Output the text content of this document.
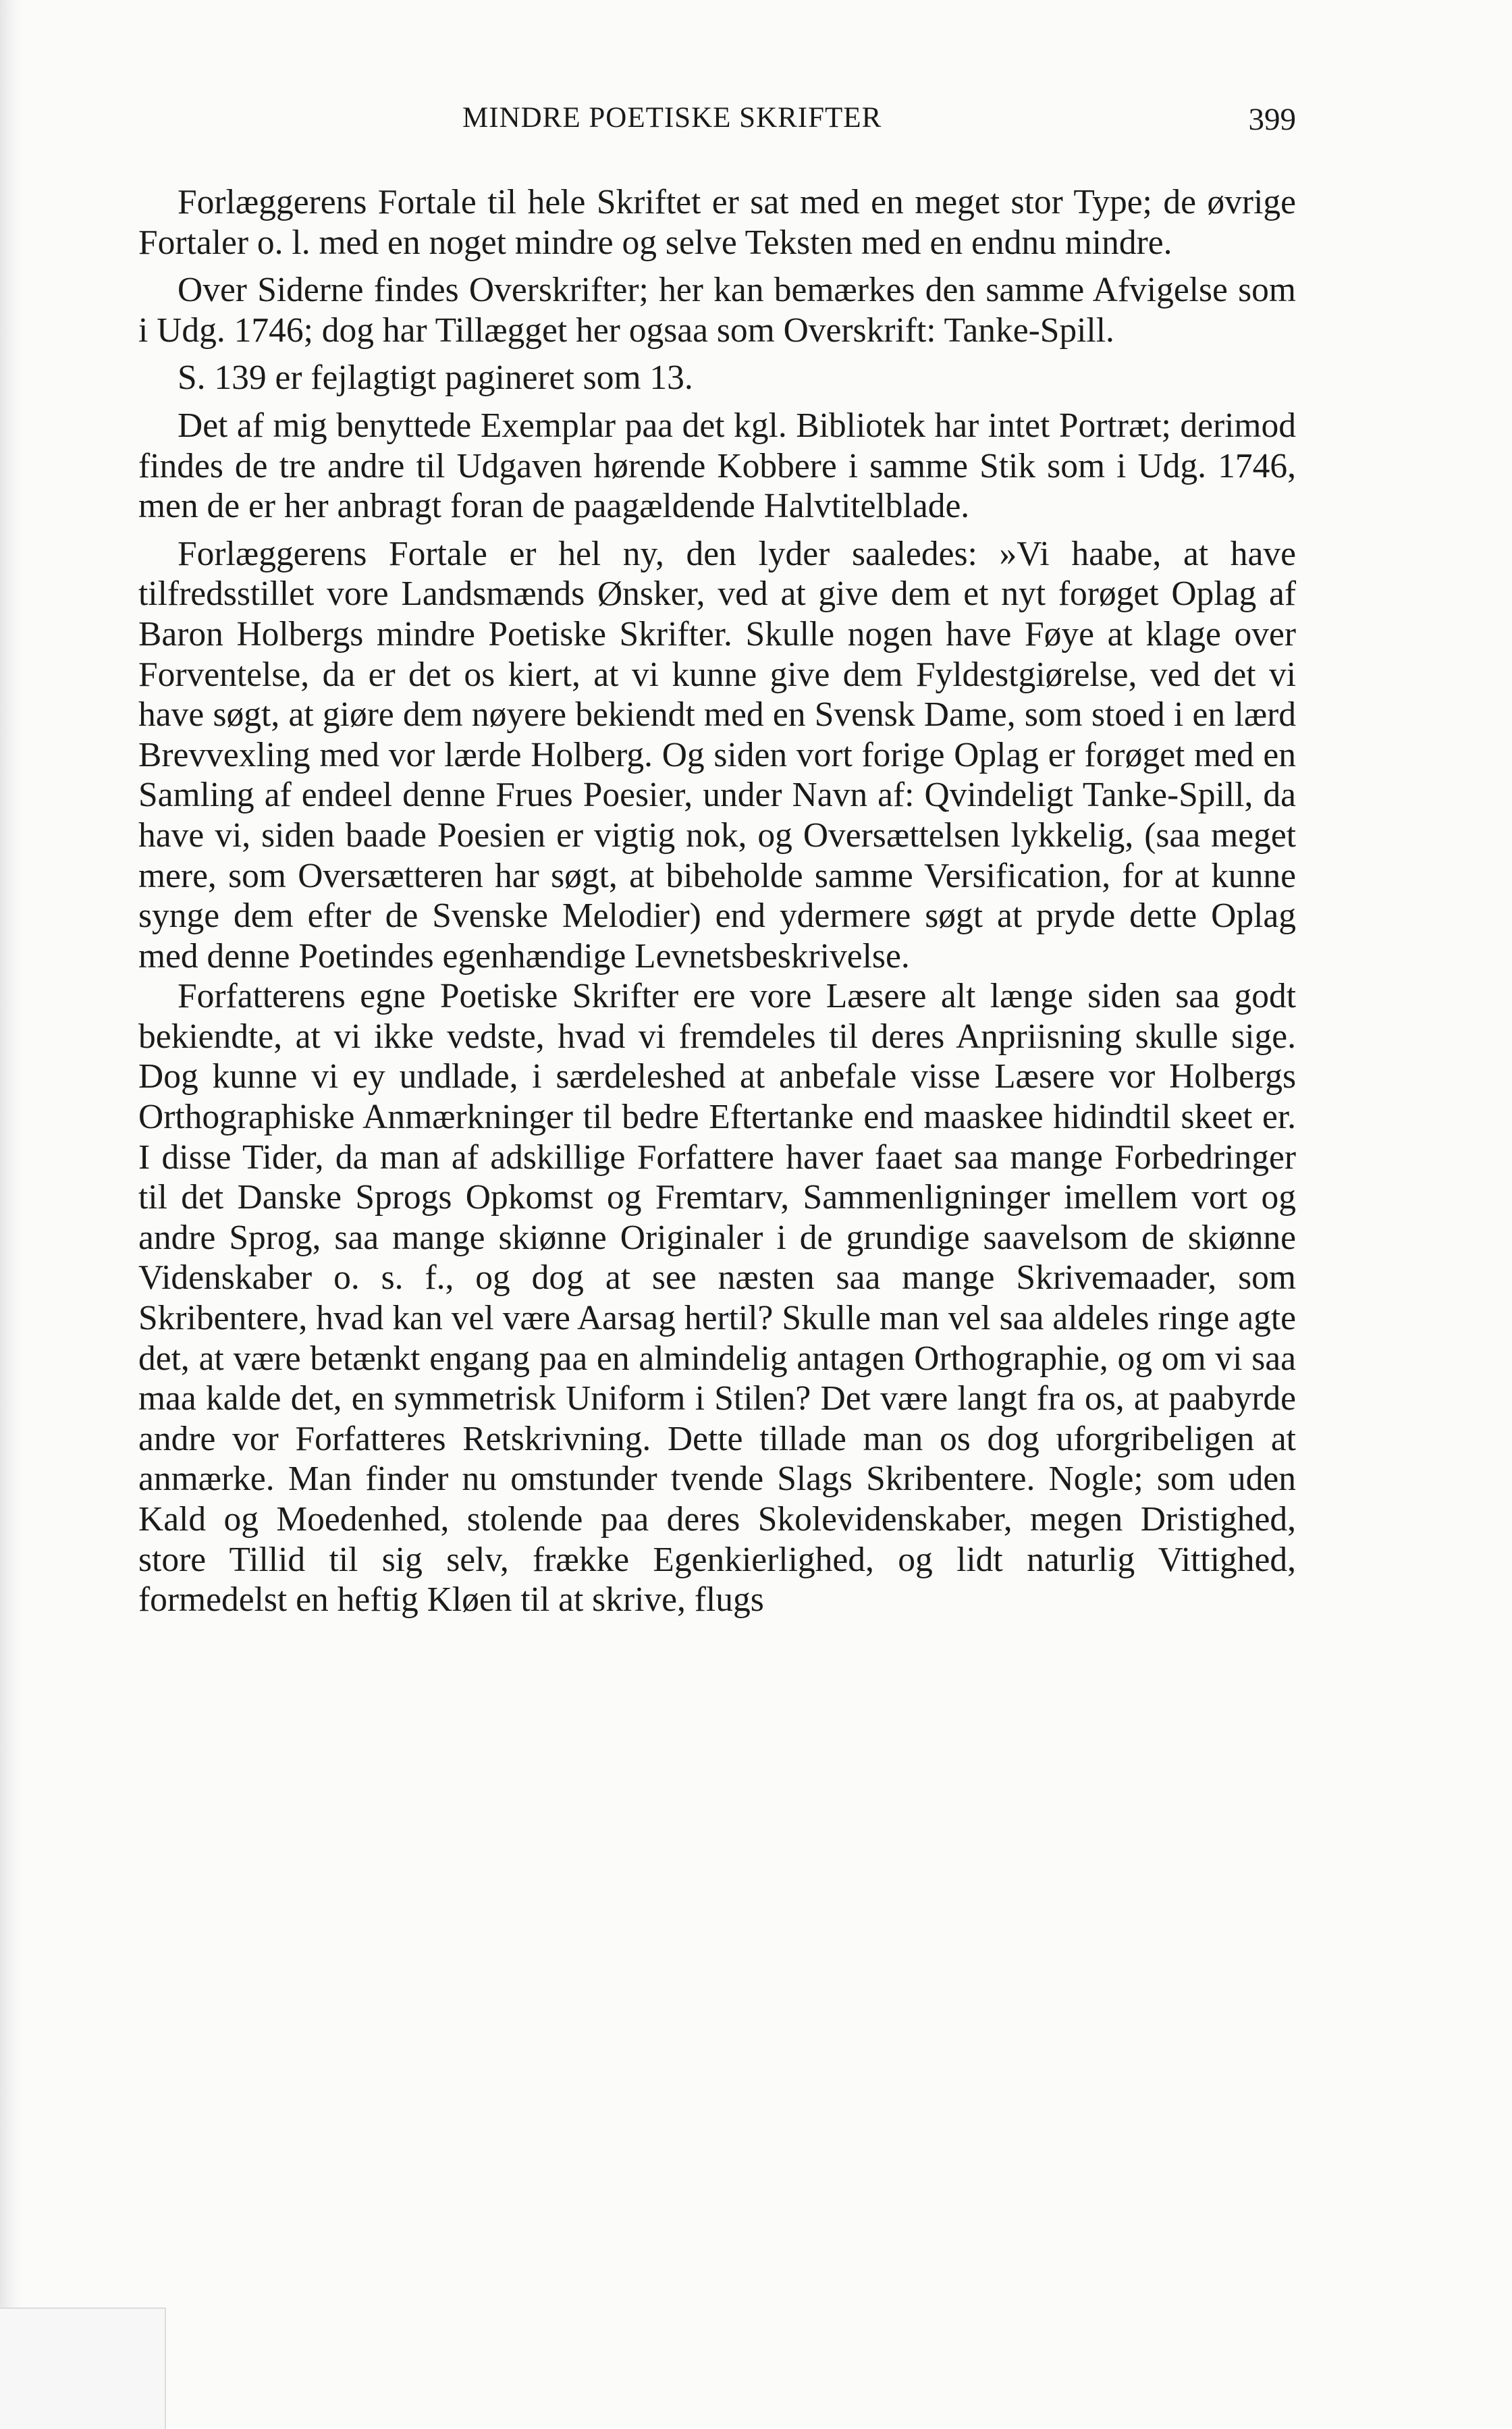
MINDRE POETISKE SKRIFTER	399

Forlæggerens Fortale til hele Skriftet er sat med en meget stor Type; de øvrige Fortaler o. l. med en noget mindre og selve Teksten med en endnu mindre.

Over Siderne findes Overskrifter; her kan bemærkes den samme Afvigelse som i Udg. 1746; dog har Tillægget her ogsaa som Overskrift: Tanke-Spill.

S. 139 er fejlagtigt pagineret som 13.

Det af mig benyttede Exemplar paa det kgl. Bibliotek har intet Portræt; derimod findes de tre andre til Udgaven hørende Kobbere i samme Stik som i Udg. 1746, men de er her anbragt foran de paagældende Halvtitelblade.

Forlæggerens Fortale er hel ny, den lyder saaledes: »Vi haabe, at have tilfredsstillet vore Landsmænds Ønsker, ved at give dem et nyt forøget Oplag af Baron Holbergs mindre Poetiske Skrifter. Skulle nogen have Føye at klage over Forventelse, da er det os kiert, at vi kunne give dem Fyldestgiørelse, ved det vi have søgt, at giøre dem nøyere bekiendt med en Svensk Dame, som stoed i en lærd Brevvexling med vor lærde Holberg. Og siden vort forige Oplag er forøget med en Samling af endeel denne Frues Poesier, under Navn af: Qvindeligt Tanke-Spill, da have vi, siden baade Poesien er vigtig nok, og Oversættelsen lykkelig, (saa meget mere, som Oversætteren har søgt, at bibeholde samme Versification, for at kunne synge dem efter de Svenske Melodier) end ydermere søgt at pryde dette Oplag med denne Poetindes egenhændige Levnetsbeskrivelse.

Forfatterens egne Poetiske Skrifter ere vore Læsere alt længe siden saa godt bekiendte, at vi ikke vedste, hvad vi fremdeles til deres Anpriisning skulle sige. Dog kunne vi ey undlade, i særdeleshed at anbefale visse Læsere vor Holbergs Orthographiske Anmærkninger til bedre Eftertanke end maaskee hidindtil skeet er. I disse Tider, da man af adskillige Forfattere haver faaet saa mange Forbedringer til det Danske Sprogs Opkomst og Fremtarv, Sammenligninger imellem vort og andre Sprog, saa mange skiønne Originaler i de grundige saavelsom de skiønne Videnskaber o. s. f., og dog at see næsten saa mange Skrivemaader, som Skribentere, hvad kan vel være Aarsag hertil? Skulle man vel saa aldeles ringe agte det, at være betænkt engang paa en almindelig antagen Orthographie, og om vi saa maa kalde det, en symmetrisk Uniform i Stilen? Det være langt fra os, at paabyrde andre vor Forfatteres Retskrivning. Dette tillade man os dog uforgribeligen at anmærke. Man finder nu omstunder tvende Slags Skribentere. Nogle; som uden Kald og Moedenhed, stolende paa deres Skolevidenskaber, megen Dristighed, store Tillid til sig selv, frække Egenkierlighed, og lidt naturlig Vittighed, formedelst en heftig Kløen til at skrive, flugs
